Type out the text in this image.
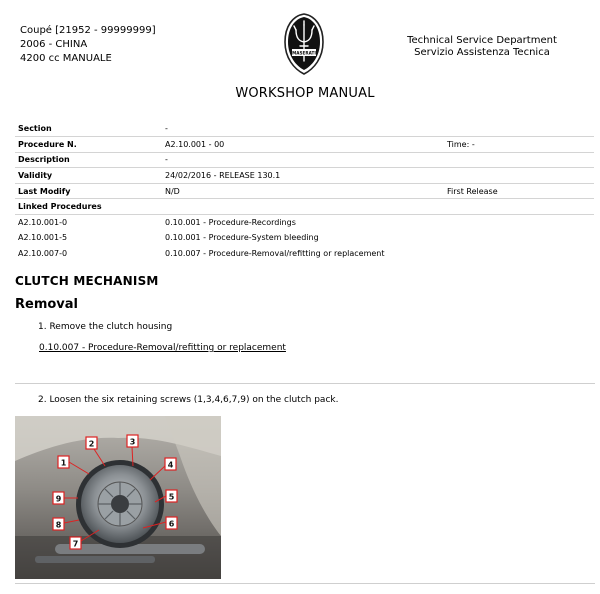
Coupé [21952 - 99999999]
2006 - CHINA
4200 cc MANUALE	MASERATI
Technical Service Department
Servizio Assistenza Tecnica
WORKSHOP MANUAL
Section	-	
Procedure N.	A2.10.001 - 00	Time: -
Description	-	
Validity	24/02/2016 - RELEASE 130.1	
Last Modify	N/D	First Release
Linked Procedures		
A2.10.001-0	0.10.001 - Procedure-Recordings	
A2.10.001-5	0.10.001 - Procedure-System bleeding	
A2.10.007-0	0.10.007 - Procedure-Removal/refitting or replacement	
CLUTCH MECHANISM
Removal
1. Remove the clutch housing
0.10.007 - Procedure-Removal/refitting or replacement
2. Loosen the six retaining screws (1,3,4,6,7,9) on the clutch pack.
1
2	3
4
5
6
7
8
9
